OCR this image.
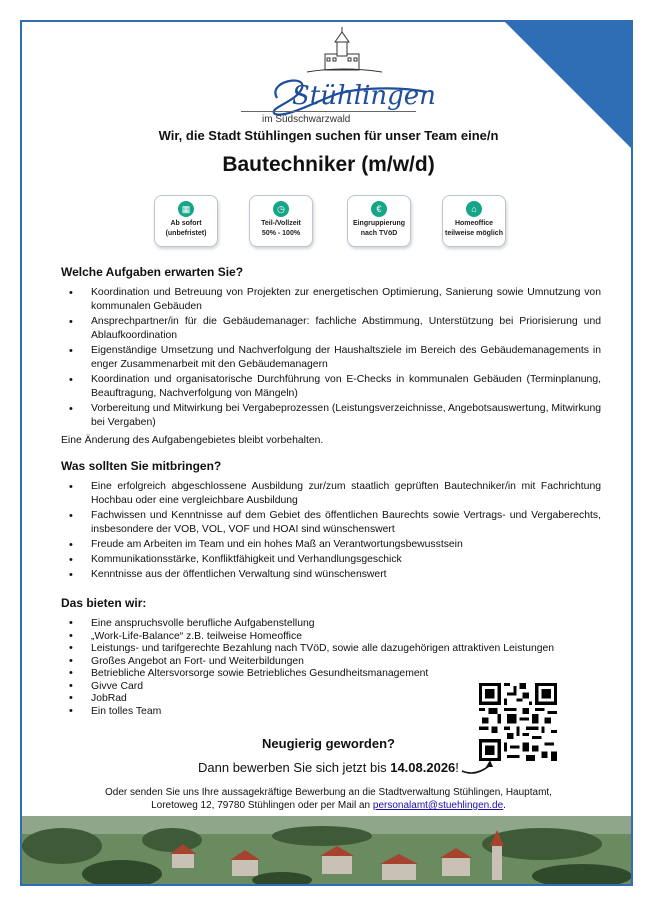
Stühlingen
im Südschwarzwald
Wir, die Stadt Stühlingen suchen für unser Team eine/n
Bautechniker (m/w/d)
▦
Ab sofort
(unbefristet)
◷
Teil-/Vollzeit
50% - 100%
€
Eingruppierung
nach TVöD
⌂
Homeoffice
teilweise möglich
Welche Aufgaben erwarten Sie?
• Koordination und Betreuung von Projekten zur energetischen Optimierung, Sanierung sowie Umnutzung von kommunalen Gebäuden
• Ansprechpartner/in für die Gebäudemanager: fachliche Abstimmung, Unterstützung bei Priorisierung und Ablaufkoordination
• Eigenständige Umsetzung und Nachverfolgung der Haushaltsziele im Bereich des Gebäudemanagements in enger Zusammenarbeit mit den Gebäudemanagern
• Koordination und organisatorische Durchführung von E-Checks in kommunalen Gebäuden (Terminplanung, Beauftragung, Nachverfolgung von Mängeln)
• Vorbereitung und Mitwirkung bei Vergabeprozessen (Leistungsverzeichnisse, Angebotsauswertung, Mitwirkung bei Vergaben)

Eine Änderung des Aufgabengebietes bleibt vorbehalten.

Was sollten Sie mitbringen?
• Eine erfolgreich abgeschlossene Ausbildung zur/zum staatlich geprüften Bautechniker/in mit Fachrichtung Hochbau oder eine vergleichbare Ausbildung
• Fachwissen und Kenntnisse auf dem Gebiet des öffentlichen Baurechts sowie Vertrags- und Vergaberechts, insbesondere der VOB, VOL, VOF und HOAI sind wünschenswert
• Freude am Arbeiten im Team und ein hohes Maß an Verantwortungsbewusstsein
• Kommunikationsstärke, Konfliktfähigkeit und Verhandlungsgeschick
• Kenntnisse aus der öffentlichen Verwaltung sind wünschenswert
Das bieten wir:
• Eine anspruchsvolle berufliche Aufgabenstellung
• „Work-Life-Balance“ z.B. teilweise Homeoffice
• Leistungs- und tarifgerechte Bezahlung nach TVöD, sowie alle dazugehörigen attraktiven Leistungen
• Großes Angebot an Fort- und Weiterbildungen
• Betriebliche Altersvorsorge sowie Betriebliches Gesundheitsmanagement
• Givve Card
• JobRad
• Ein tolles Team
Neugierig geworden?
Dann bewerben Sie sich jetzt bis 14.08.2026!
Oder senden Sie uns Ihre aussagekräftige Bewerbung an die Stadtverwaltung Stühlingen, Hauptamt,
Loretoweg 12, 79780 Stühlingen oder per Mail an personalamt@stuehlingen.de.
